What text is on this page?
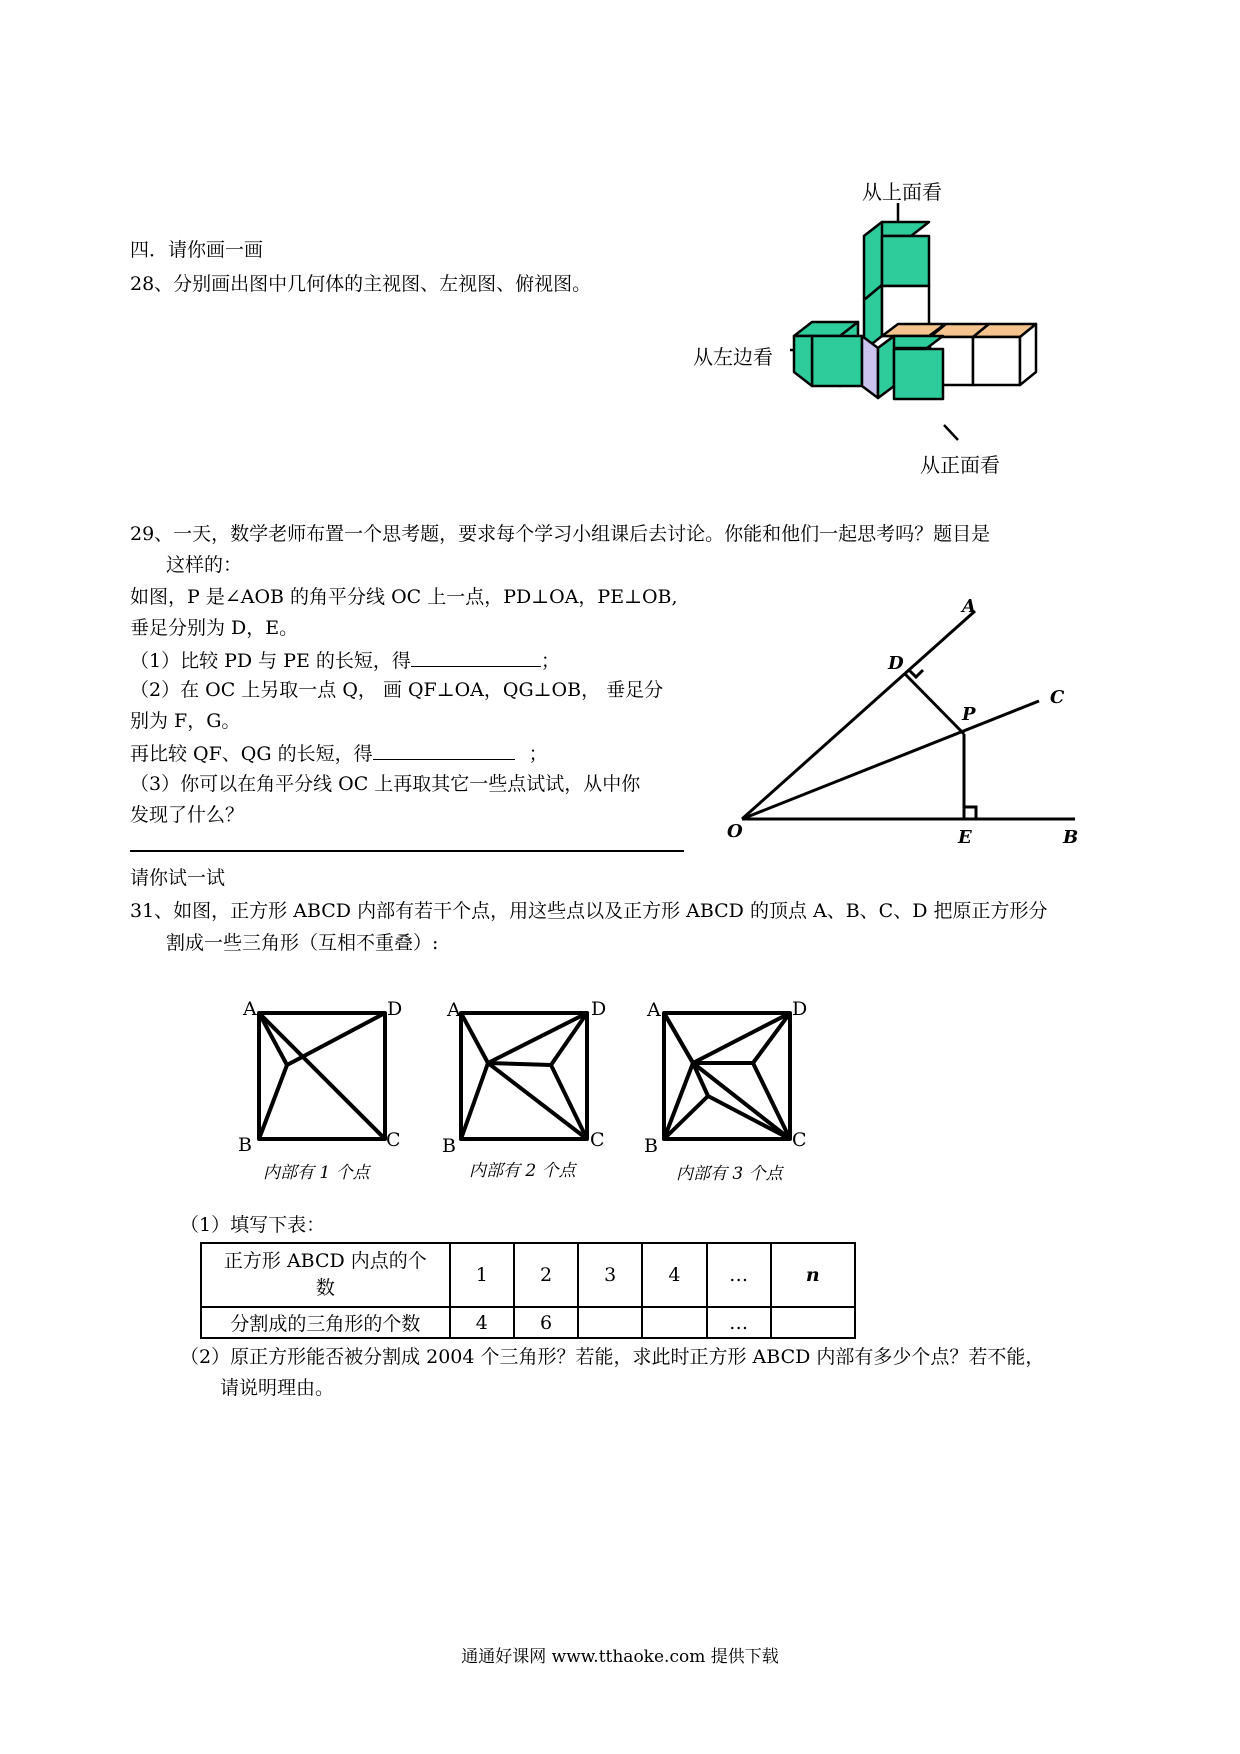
四．请你画一画
28、分别画出图中几何体的主视图、左视图、俯视图。
从上面看
从左边看
从正面看
29、一天，数学老师布置一个思考题，要求每个学习小组课后去讨论。你能和他们一起思考吗？题目是
这样的：
如图，P 是∠AOB 的角平分线 OC 上一点，PD⊥OA，PE⊥OB,
垂足分别为 D，E。
（1）比较 PD 与 PE 的长短，得	；
（2）在 OC 上另取一点 Q， 画 QF⊥OA，QG⊥OB， 垂足分
别为 F，G。
再比较 QF、QG 的长短，得	；
（3）你可以在角平分线 OC 上再取其它一些点试试，从中你
发现了什么？
A
C
D
P
O	E	B
请你试一试
31、如图，正方形 ABCD 内部有若干个点，用这些点以及正方形 ABCD 的顶点 A、B、C、D 把原正方形分
割成一些三角形（互相不重叠）:
A	D
B	C
A	D
B	C
A	D
B	C
内部有 1 个点	内部有 2 个点	内部有 3 个点
（1）填写下表：
正方形 ABCD 内点的个
数	1	2	3	4	…	n
分割成的三角形的个数	4	6			…	
（2）原正方形能否被分割成 2004 个三角形？若能，求此时正方形 ABCD 内部有多少个点？若不能，
请说明理由。
通通好课网 www.tthaoke.com 提供下载
